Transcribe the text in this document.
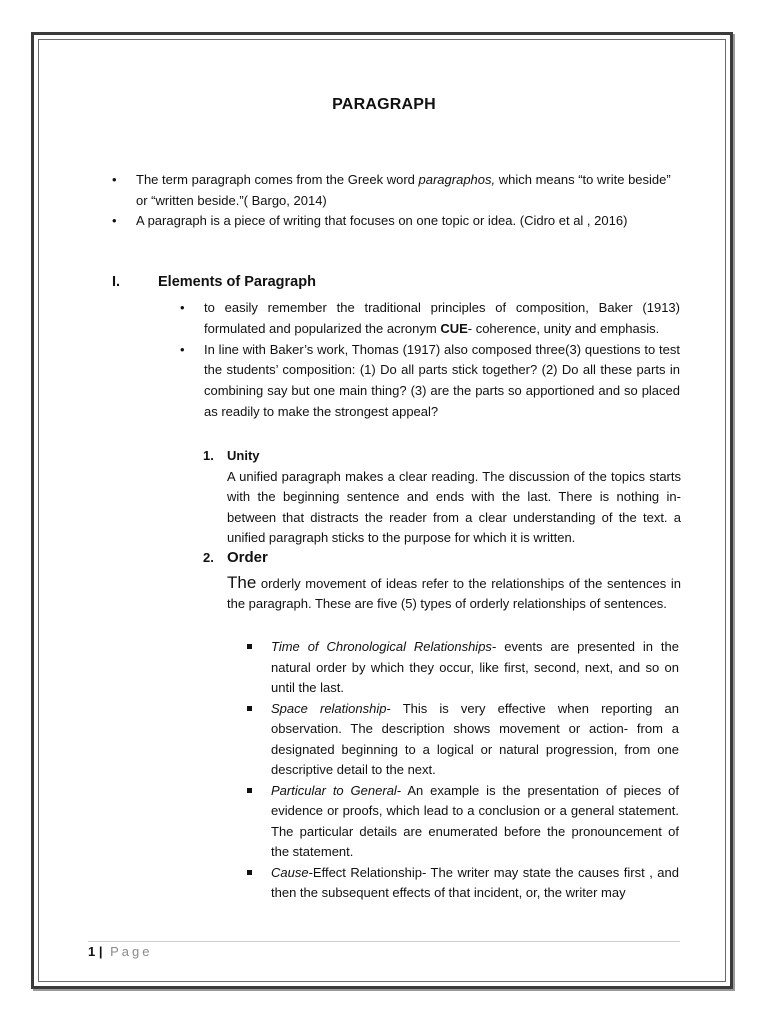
PARAGRAPH
• The term paragraph comes from the Greek word paragraphos, which means “to write beside” or “written beside.”( Bargo, 2014)
• A paragraph is a piece of writing that focuses on one topic or idea. (Cidro et al , 2016)
I.	Elements of Paragraph
• to easily remember the traditional principles of composition, Baker (1913) formulated and popularized the acronym CUE- coherence, unity and emphasis.
• In line with Baker’s work, Thomas (1917) also composed three(3) questions to test the students’ composition: (1) Do all parts stick together? (2) Do all these parts in combining say but one main thing? (3) are the parts so apportioned and so placed as readily to make the strongest appeal?
1. Unity
A unified paragraph makes a clear reading. The discussion of the topics starts with the beginning sentence and ends with the last. There is nothing in-between that distracts the reader from a clear understanding of the text. a unified paragraph sticks to the purpose for which it is written.
2. Order
The orderly movement of ideas refer to the relationships of the sentences in the paragraph. These are five (5) types of orderly relationships of sentences.
Time of Chronological Relationships- events are presented in the natural order by which they occur, like first, second, next, and so on until the last.
Space relationship- This is very effective when reporting an observation. The description shows movement or action- from a designated beginning to a logical or natural progression, from one descriptive detail to the next.
Particular to General- An example is the presentation of pieces of evidence or proofs, which lead to a conclusion or a general statement. The particular details are enumerated before the pronouncement of the statement.
Cause-Effect Relationship- The writer may state the causes first , and then the subsequent effects of that incident, or, the writer may
1 | Page
